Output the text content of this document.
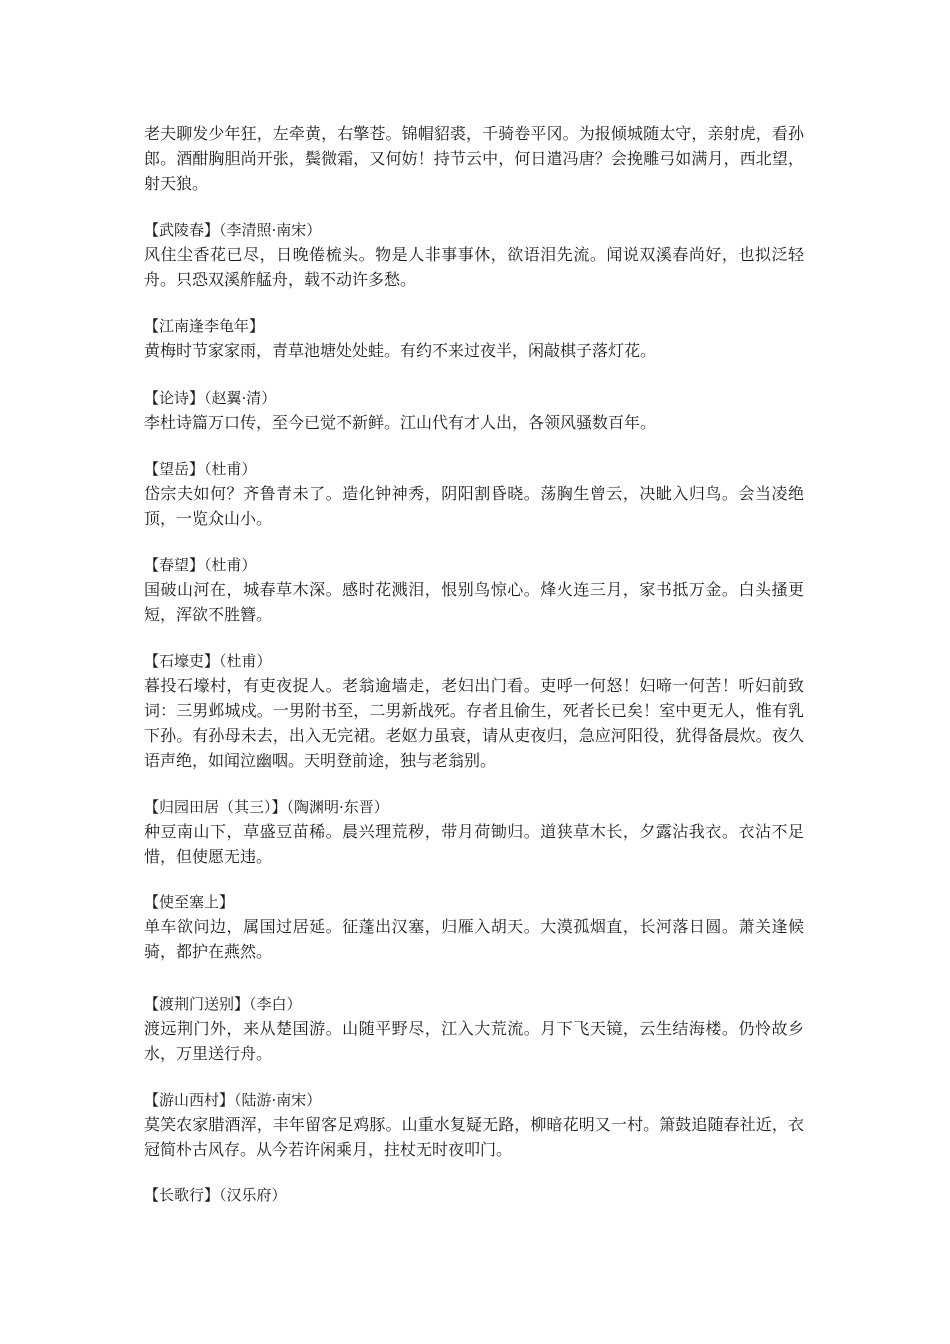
老夫聊发少年狂，左牵黄，右擎苍。锦帽貂裘，千骑卷平冈。为报倾城随太守，亲射虎，看孙郎。酒酣胸胆尚开张，鬓微霜，又何妨！持节云中，何日遣冯唐？会挽雕弓如满月，西北望，射天狼。

【武陵春】（李清照·南宋）

风住尘香花已尽，日晚倦梳头。物是人非事事休，欲语泪先流。闻说双溪春尚好，也拟泛轻舟。只恐双溪舴艋舟，载不动许多愁。

【江南逢李龟年】

黄梅时节家家雨，青草池塘处处蛙。有约不来过夜半，闲敲棋子落灯花。

【论诗】（赵翼·清）

李杜诗篇万口传，至今已觉不新鲜。江山代有才人出，各领风骚数百年。

【望岳】（杜甫）

岱宗夫如何？齐鲁青未了。造化钟神秀，阴阳割昏晓。荡胸生曾云，决眦入归鸟。会当凌绝顶，一览众山小。

【春望】（杜甫）

国破山河在，城春草木深。感时花溅泪，恨别鸟惊心。烽火连三月，家书抵万金。白头搔更短，浑欲不胜簪。

【石壕吏】（杜甫）

暮投石壕村，有吏夜捉人。老翁逾墙走，老妇出门看。吏呼一何怒！妇啼一何苦！听妇前致词：三男邺城戍。一男附书至，二男新战死。存者且偷生，死者长已矣！室中更无人，惟有乳下孙。有孙母未去，出入无完裙。老妪力虽衰，请从吏夜归，急应河阳役，犹得备晨炊。夜久语声绝，如闻泣幽咽。天明登前途，独与老翁别。

【归园田居（其三）】（陶渊明·东晋）

种豆南山下，草盛豆苗稀。晨兴理荒秽，带月荷锄归。道狭草木长，夕露沾我衣。衣沾不足惜，但使愿无违。

【使至塞上】

单车欲问边，属国过居延。征蓬出汉塞，归雁入胡天。大漠孤烟直，长河落日圆。萧关逢候骑，都护在燕然。

【渡荆门送别】（李白）

渡远荆门外，来从楚国游。山随平野尽，江入大荒流。月下飞天镜，云生结海楼。仍怜故乡水，万里送行舟。

【游山西村】（陆游·南宋）

莫笑农家腊酒浑，丰年留客足鸡豚。山重水复疑无路，柳暗花明又一村。箫鼓追随春社近，衣冠简朴古风存。从今若许闲乘月，拄杖无时夜叩门。

【长歌行】（汉乐府）
